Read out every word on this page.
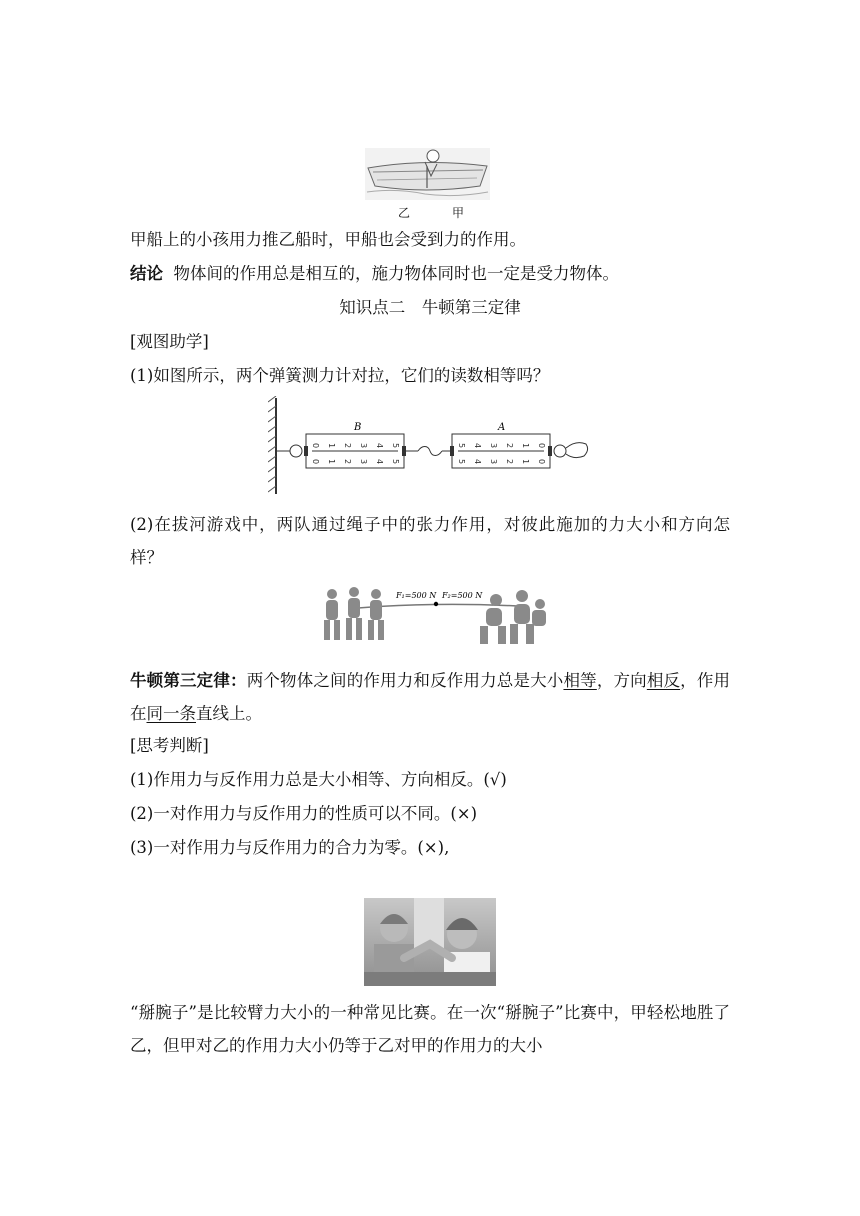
乙	甲
甲船上的小孩用力推乙船时，甲船也会受到力的作用。
结论 物体间的作用总是相互的，施力物体同时也一定是受力物体。
知识点二　牛顿第三定律
[观图助学]
(1)如图所示，两个弹簧测力计对拉，它们的读数相等吗？
B	A
0
0
1
1
2
2
3
3
4
4
5
5
5
5
4
4
3
3
2
2
1
1
0
0
(2)在拔河游戏中，两队通过绳子中的张力作用，对彼此施加的力大小和方向怎样？
F₁=500 N F₂=500 N
牛顿第三定律：两个物体之间的作用力和反作用力总是大小相等，方向相反，作用在同一条直线上。
[思考判断]
(1)作用力与反作用力总是大小相等、方向相反。(√)
(2)一对作用力与反作用力的性质可以不同。(×)
(3)一对作用力与反作用力的合力为零。(×),
“掰腕子”是比较臂力大小的一种常见比赛。在一次“掰腕子”比赛中，甲轻松地胜了乙，但甲对乙的作用力大小仍等于乙对甲的作用力的大小
